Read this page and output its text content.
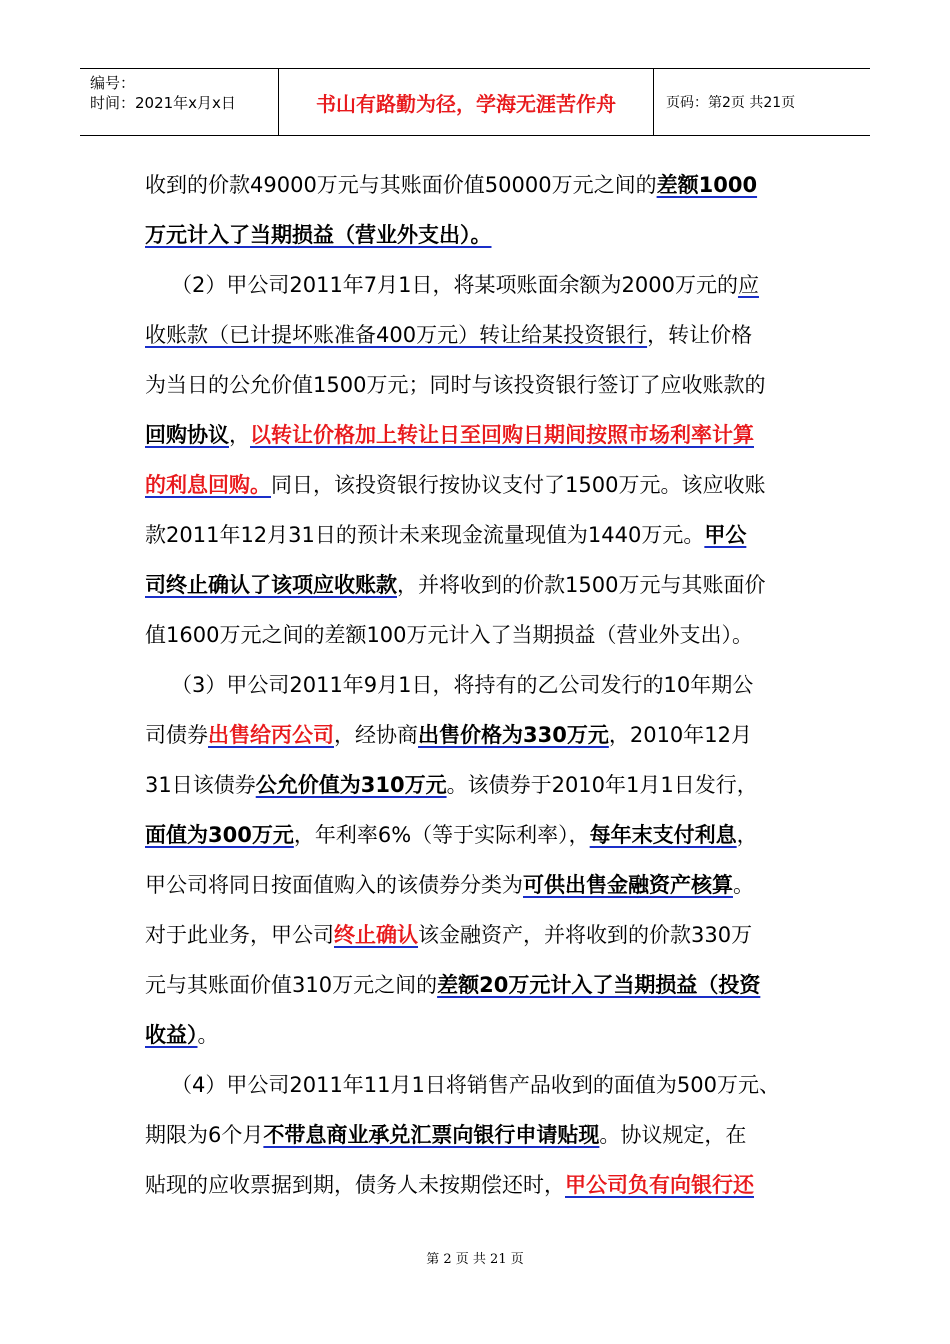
编号：
时间：2021年x月x日	书山有路勤为径，学海无涯苦作舟	页码：第2页 共21页
收到的价款49000万元与其账面价值50000万元之间的差额1000
万元计入了当期损益（营业外支出）。
（2）甲公司2011年7月1日，将某项账面余额为2000万元的应
收账款（已计提坏账准备400万元）转让给某投资银行，转让价格
为当日的公允价值1500万元；同时与该投资银行签订了应收账款的
回购协议，以转让价格加上转让日至回购日期间按照市场利率计算
的利息回购。同日，该投资银行按协议支付了1500万元。该应收账
款2011年12月31日的预计未来现金流量现值为1440万元。甲公
司终止确认了该项应收账款，并将收到的价款1500万元与其账面价
值1600万元之间的差额100万元计入了当期损益（营业外支出）。
（3）甲公司2011年9月1日，将持有的乙公司发行的10年期公
司债券出售给丙公司，经协商出售价格为330万元，2010年12月
31日该债券公允价值为310万元。该债券于2010年1月1日发行，
面值为300万元，年利率6%（等于实际利率），每年末支付利息，
甲公司将同日按面值购入的该债券分类为可供出售金融资产核算。
对于此业务，甲公司终止确认该金融资产，并将收到的价款330万
元与其账面价值310万元之间的差额20万元计入了当期损益（投资
收益）。
（4）甲公司2011年11月1日将销售产品收到的面值为500万元、
期限为6个月不带息商业承兑汇票向银行申请贴现。协议规定，在
贴现的应收票据到期，债务人未按期偿还时，甲公司负有向银行还
第 2 页 共 21 页
